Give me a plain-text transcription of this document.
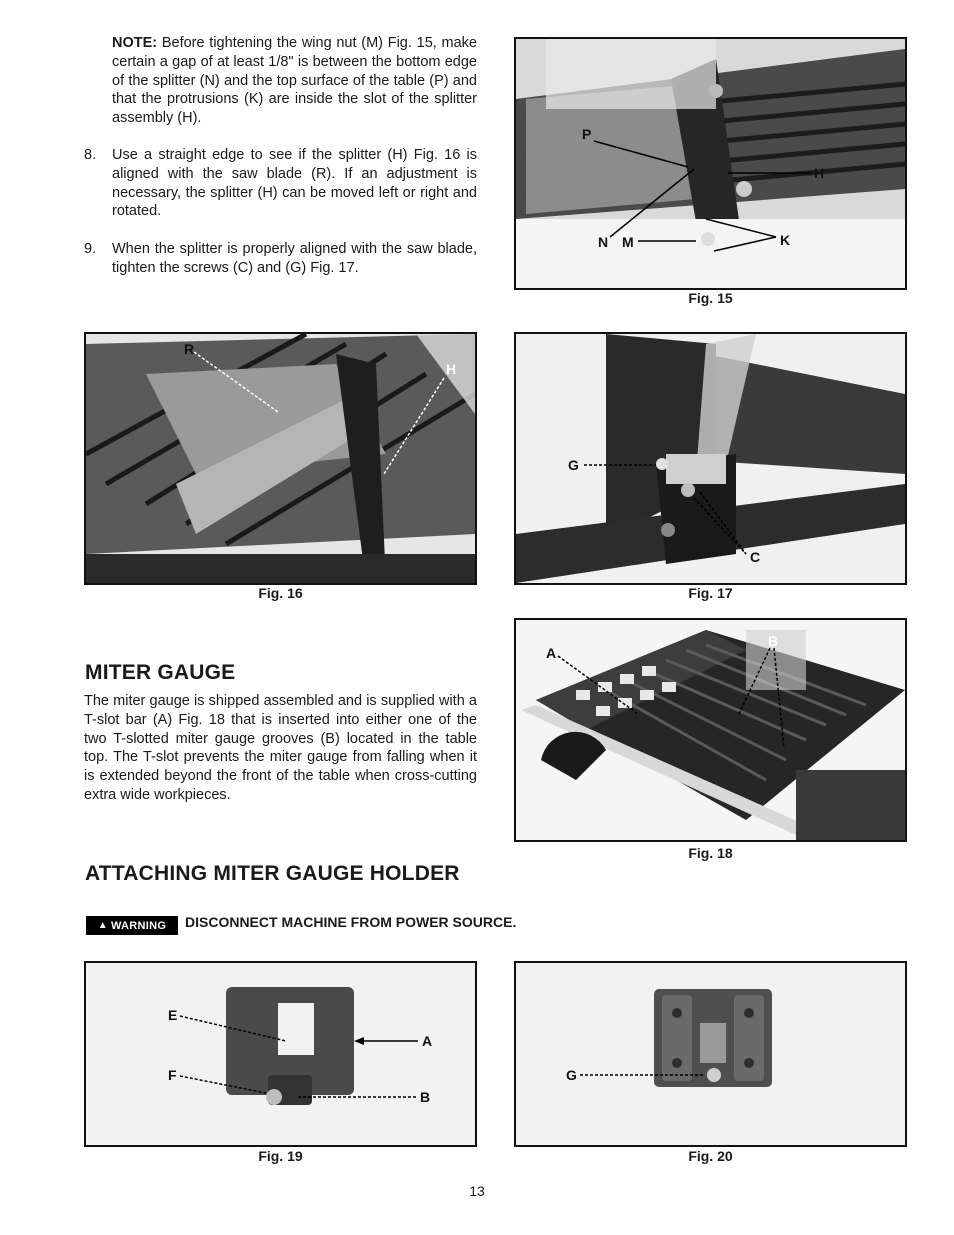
NOTE: Before tightening the wing nut (M) Fig. 15, make certain a gap of at least 1/8" is between the bottom edge of the splitter (N) and the top surface of the table (P) and that the protrusions (K) are inside the slot of the splitter assembly (H).

8. Use a straight edge to see if the splitter (H) Fig. 16 is aligned with the saw blade (R). If an adjustment is necessary, the splitter (H) can be moved left or right and rotated.

9. When the splitter is properly aligned with the saw blade, tighten the screws (C) and (G) Fig. 17.

P
H
N M	K
Fig. 15
R
H
Fig. 16
G
C
Fig. 17
MITER GAUGE

The miter gauge is shipped assembled and is supplied with a T-slot bar (A) Fig. 18 that is inserted into either one of the two T-slotted miter gauge grooves (B) located in the table top. The T-slot prevents the miter gauge from falling when it is extended beyond the front of the table when cross-cutting extra wide workpieces.

A
B
Fig. 18
ATTACHING MITER GAUGE HOLDER
▲ WARNING DISCONNECT MACHINE FROM POWER SOURCE.
E
F
A
B
Fig. 19
G
Fig. 20
13
